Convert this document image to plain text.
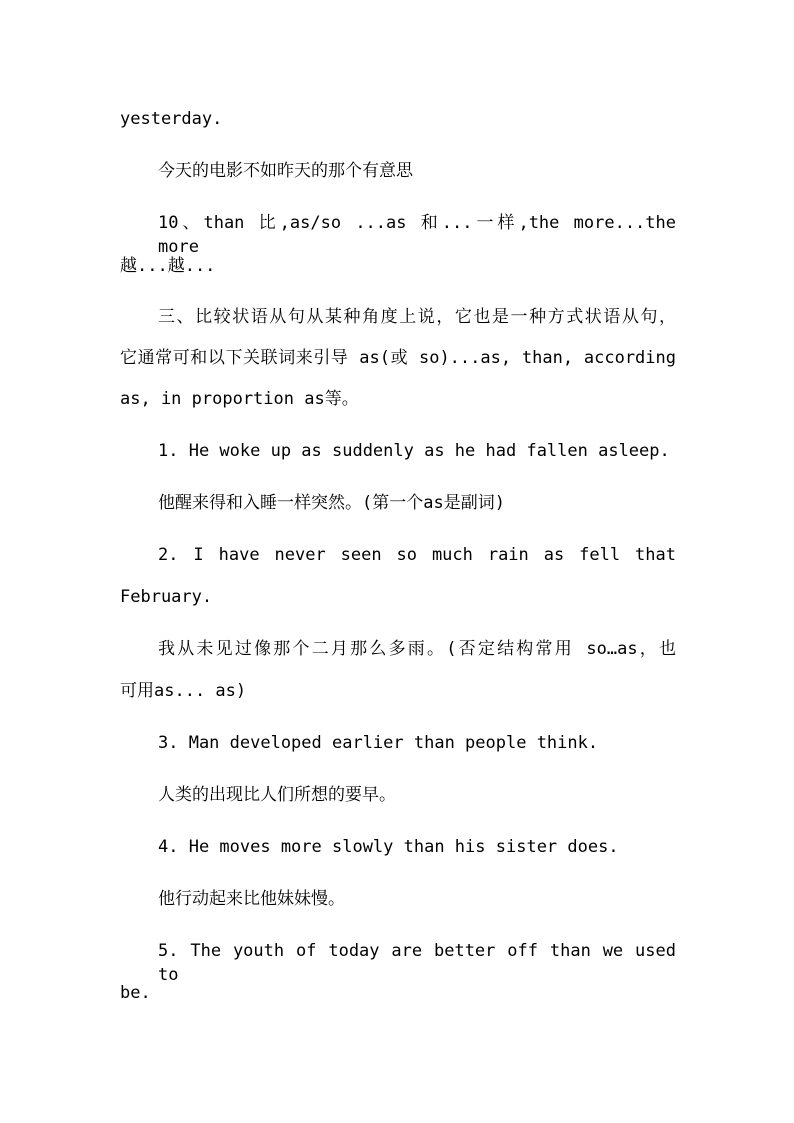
yesterday.
今天的电影不如昨天的那个有意思
10、than 比,as/so ...as 和...一样,the more...the more
越...越...
三、比较状语从句从某种角度上说，它也是一种方式状语从句，
它通常可和以下关联词来引导 as(或 so)...as, than, according
as, in proportion as等。
1. He woke up as suddenly as he had fallen asleep.
他醒来得和入睡一样突然。(第一个as是副词)
2. I have never seen so much rain as fell that
February.
我从未见过像那个二月那么多雨。(否定结构常用 so…as，也
可用as... as)
3. Man developed earlier than people think.
人类的出现比人们所想的要早。
4. He moves more slowly than his sister does.
他行动起来比他妹妹慢。
5. The youth of today are better off than we used to
be.
